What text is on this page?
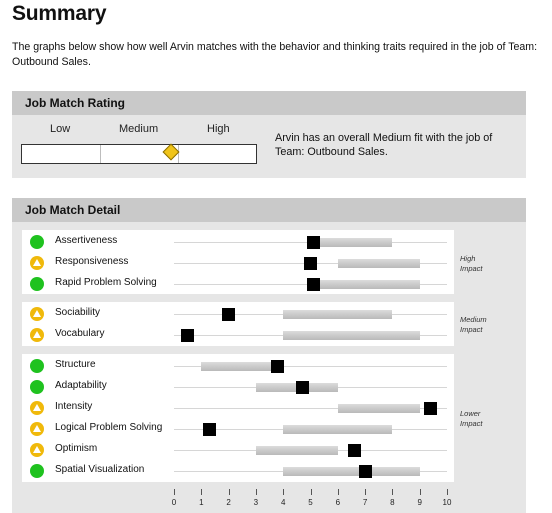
Summary
The graphs below show how well Arvin matches with the behavior and thinking traits required in the job of Team: Outbound Sales.
Job Match Rating
Low	Medium	High
Arvin has an overall Medium fit with the job of Team: Outbound Sales.
Job Match Detail
High Impact
Medium Impact
Lower Impact
Assertiveness
Responsiveness
Rapid Problem Solving
Sociability
Vocabulary
Structure
Adaptability
Intensity
Logical Problem Solving
Optimism
Spatial Visualization
0	1	2	3	4	5	6	7	8	9	10
